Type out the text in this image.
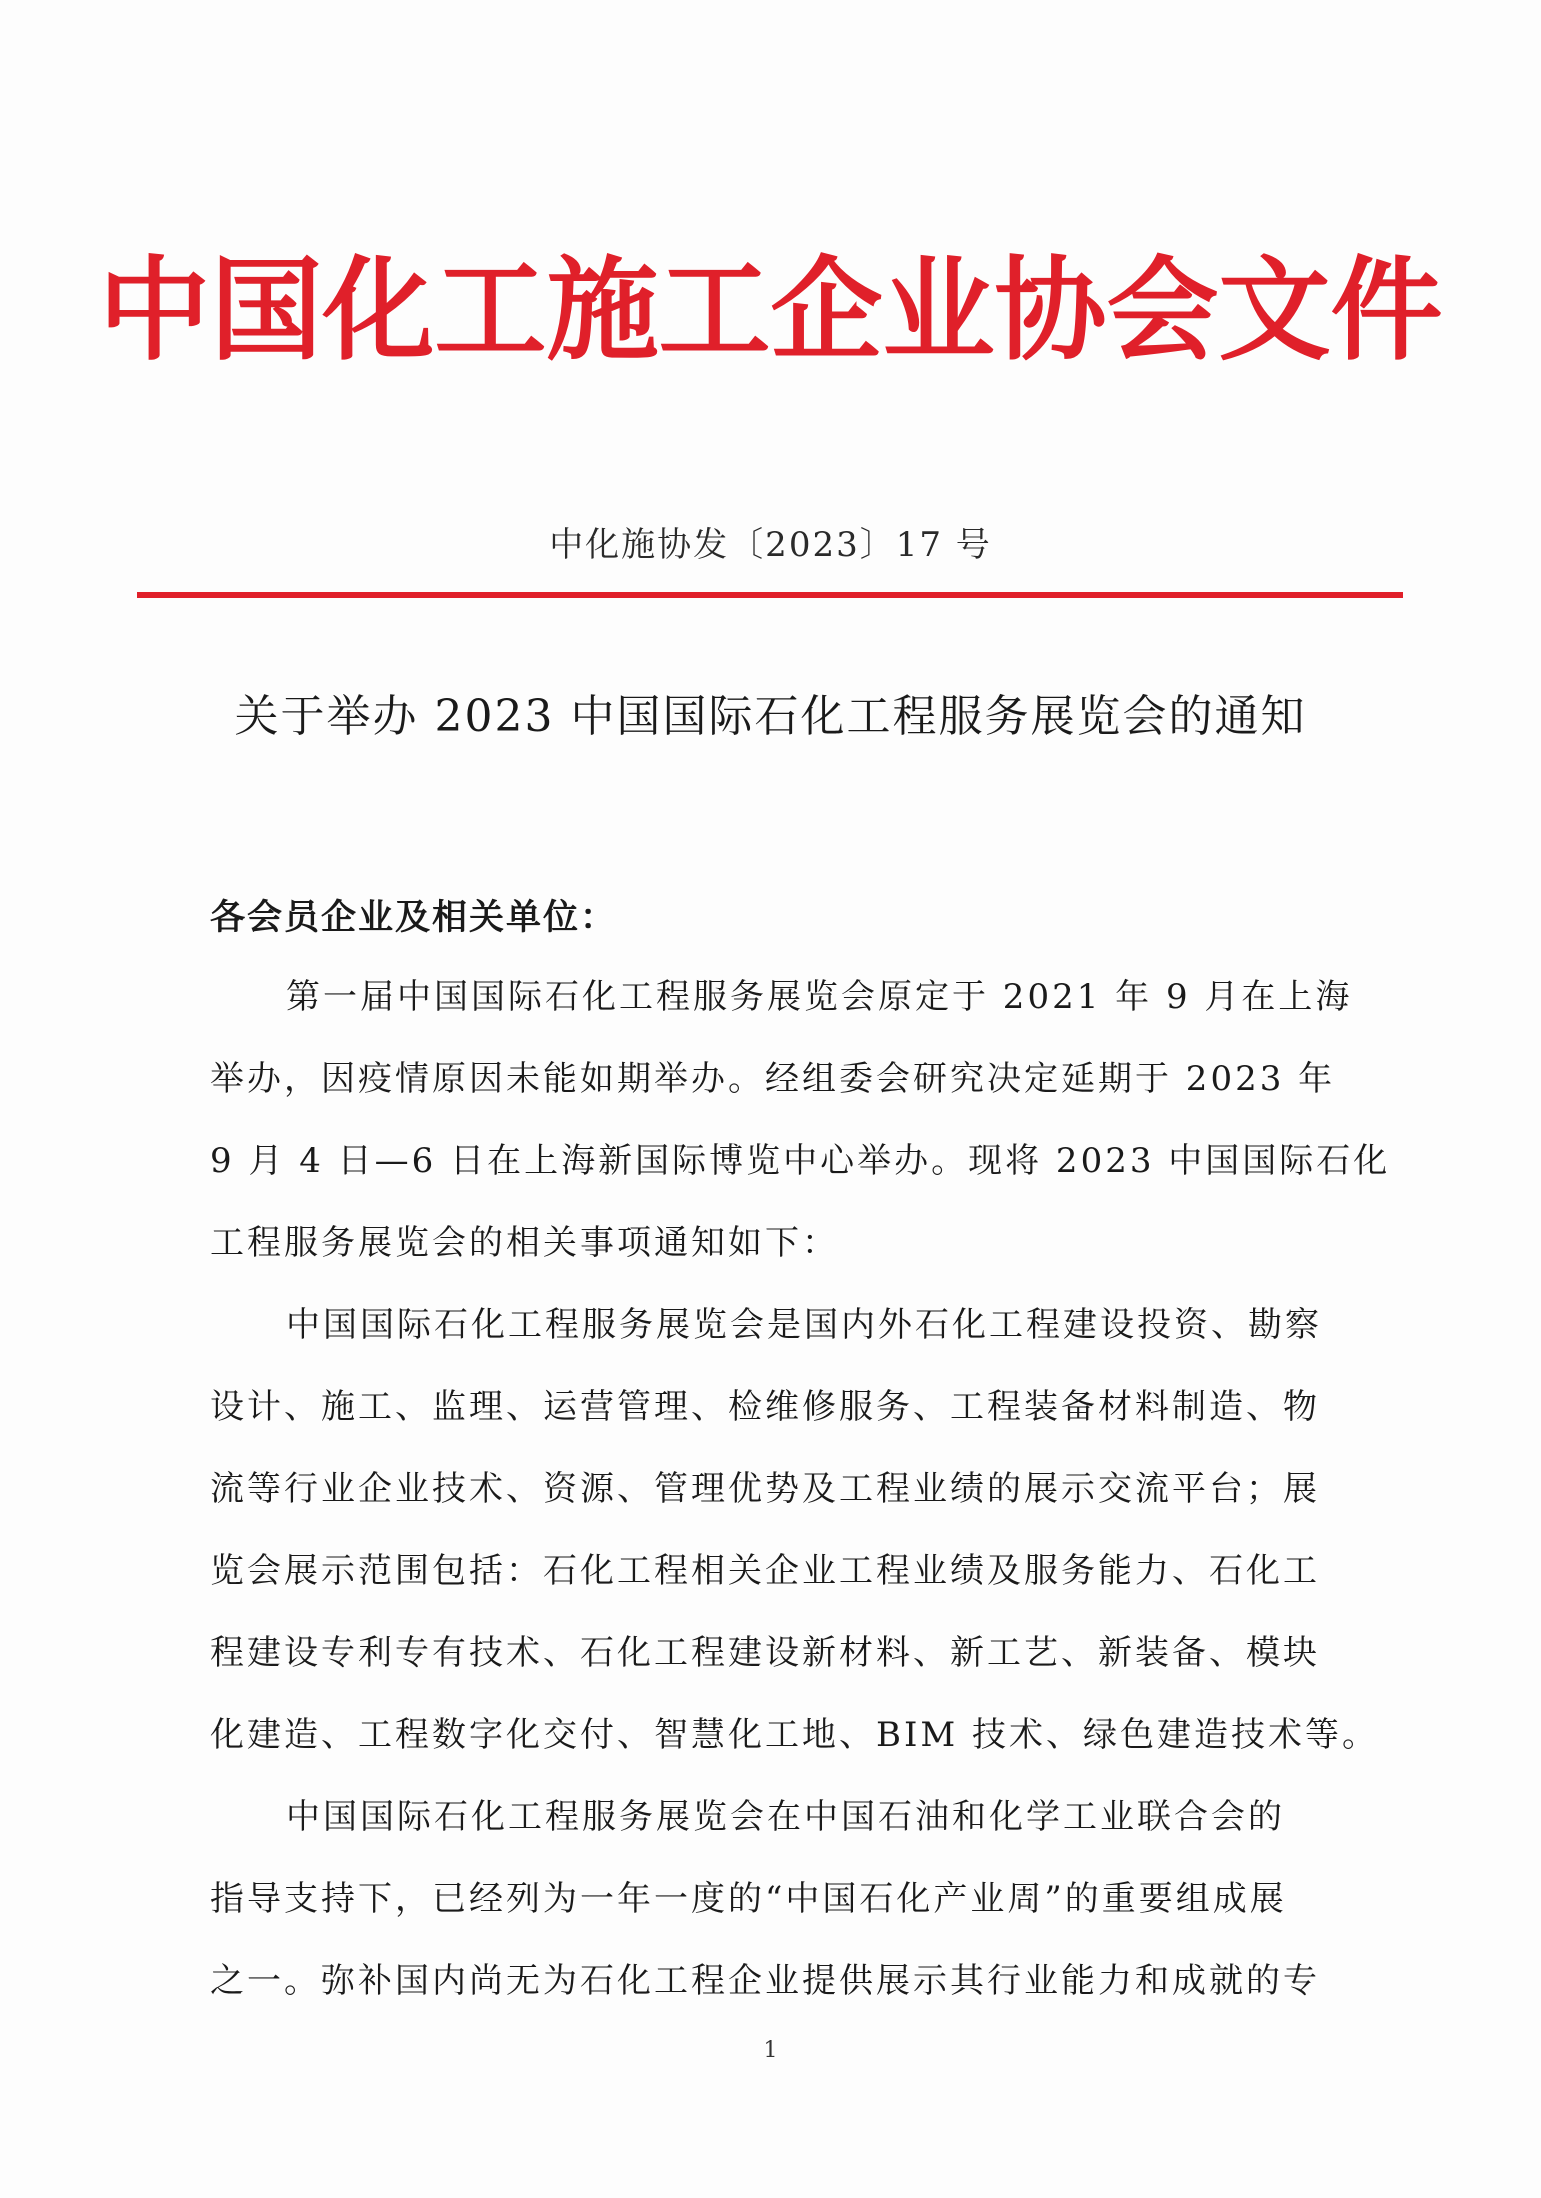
中国化工施工企业协会文件
中化施协发〔2023〕17 号
关于举办 2023 中国国际石化工程服务展览会的通知
各会员企业及相关单位：
第一届中国国际石化工程服务展览会原定于 2021 年 9 月在上海
举办，因疫情原因未能如期举办。经组委会研究决定延期于 2023 年
9 月 4 日—6 日在上海新国际博览中心举办。现将 2023 中国国际石化
工程服务展览会的相关事项通知如下：
中国国际石化工程服务展览会是国内外石化工程建设投资、勘察
设计、施工、监理、运营管理、检维修服务、工程装备材料制造、物
流等行业企业技术、资源、管理优势及工程业绩的展示交流平台；展
览会展示范围包括：石化工程相关企业工程业绩及服务能力、石化工
程建设专利专有技术、石化工程建设新材料、新工艺、新装备、模块
化建造、工程数字化交付、智慧化工地、BIM 技术、绿色建造技术等。
中国国际石化工程服务展览会在中国石油和化学工业联合会的
指导支持下，已经列为一年一度的“中国石化产业周”的重要组成展
之一。弥补国内尚无为石化工程企业提供展示其行业能力和成就的专
1
